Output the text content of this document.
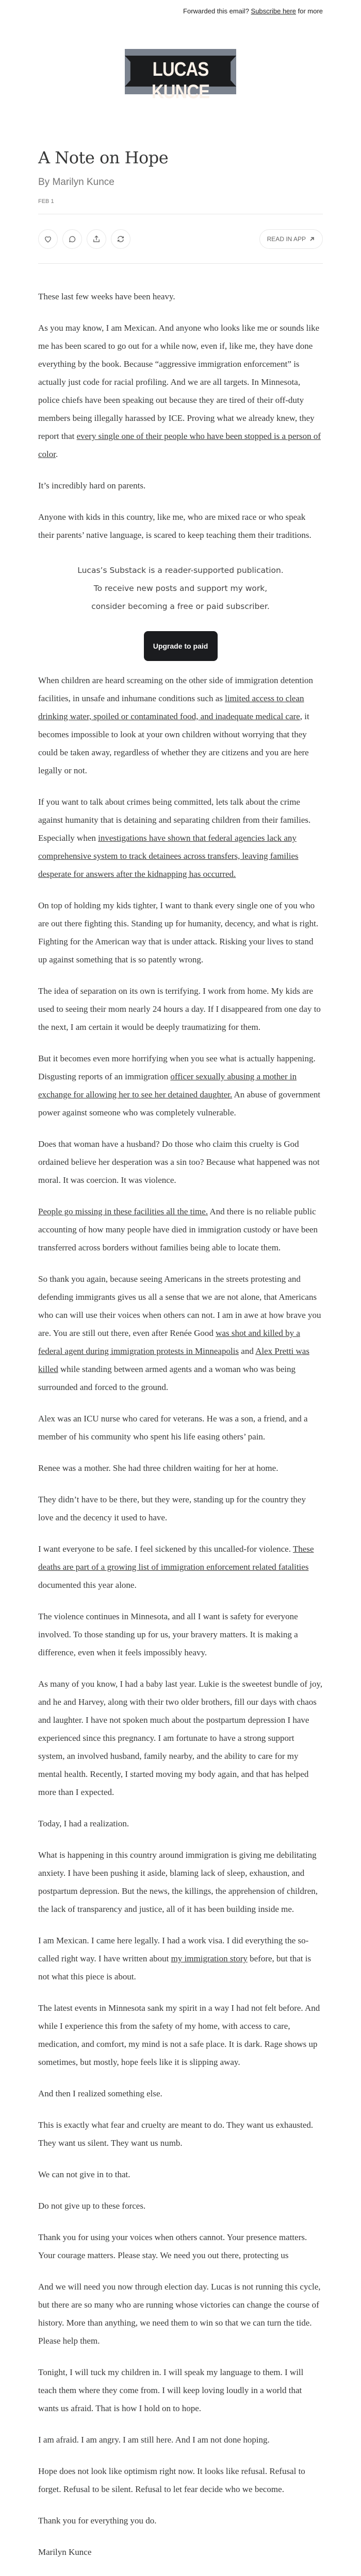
Forwarded this email? Subscribe here for more
LUCAS KUNCE
A Note on Hope
By Marilyn Kunce
FEB 1
READ IN APP

These last few weeks have been heavy.

As you may know, I am Mexican. And anyone who looks like me or sounds like me has been scared to go out for a while now, even if, like me, they have done everything by the book. Because “aggressive immigration enforcement” is actually just code for racial profiling. And we are all targets. In Minnesota, police chiefs have been speaking out because they are tired of their off-duty members being illegally harassed by ICE. Proving what we already knew, they report that every single one of their people who have been stopped is a person of color.

It’s incredibly hard on parents.

Anyone with kids in this country, like me, who are mixed race or who speak their parents’ native language, is scared to keep teaching them their traditions.

Lucas’s Substack is a reader-supported publication. To receive new posts and support my work, consider becoming a free or paid subscriber.
Upgrade to paid

When children are heard screaming on the other side of immigration detention facilities, in unsafe and inhumane conditions such as limited access to clean drinking water, spoiled or contaminated food, and inadequate medical care, it becomes impossible to look at your own children without worrying that they could be taken away, regardless of whether they are citizens and you are here legally or not.

If you want to talk about crimes being committed, lets talk about the crime against humanity that is detaining and separating children from their families. Especially when investigations have shown that federal agencies lack any comprehensive system to track detainees across transfers, leaving families desperate for answers after the kidnapping has occurred.

On top of holding my kids tighter, I want to thank every single one of you who are out there fighting this. Standing up for humanity, decency, and what is right. Fighting for the American way that is under attack. Risking your lives to stand up against something that is so patently wrong.

The idea of separation on its own is terrifying. I work from home. My kids are used to seeing their mom nearly 24 hours a day. If I disappeared from one day to the next, I am certain it would be deeply traumatizing for them.

But it becomes even more horrifying when you see what is actually happening. Disgusting reports of an immigration officer sexually abusing a mother in exchange for allowing her to see her detained daughter. An abuse of government power against someone who was completely vulnerable.

Does that woman have a husband? Do those who claim this cruelty is God ordained believe her desperation was a sin too? Because what happened was not moral. It was coercion. It was violence.

People go missing in these facilities all the time. And there is no reliable public accounting of how many people have died in immigration custody or have been transferred across borders without families being able to locate them.

So thank you again, because seeing Americans in the streets protesting and defending immigrants gives us all a sense that we are not alone, that Americans who can will use their voices when others can not. I am in awe at how brave you are. You are still out there, even after Renée Good was shot and killed by a federal agent during immigration protests in Minneapolis and Alex Pretti was killed while standing between armed agents and a woman who was being surrounded and forced to the ground.

Alex was an ICU nurse who cared for veterans. He was a son, a friend, and a member of his community who spent his life easing others’ pain.

Renee was a mother. She had three children waiting for her at home.

They didn’t have to be there, but they were, standing up for the country they love and the decency it used to have.

I want everyone to be safe. I feel sickened by this uncalled-for violence. These deaths are part of a growing list of immigration enforcement related fatalities documented this year alone.

The violence continues in Minnesota, and all I want is safety for everyone involved. To those standing up for us, your bravery matters. It is making a difference, even when it feels impossibly heavy.

As many of you know, I had a baby last year. Lukie is the sweetest bundle of joy, and he and Harvey, along with their two older brothers, fill our days with chaos and laughter. I have not spoken much about the postpartum depression I have experienced since this pregnancy. I am fortunate to have a strong support system, an involved husband, family nearby, and the ability to care for my mental health. Recently, I started moving my body again, and that has helped more than I expected.

Today, I had a realization.

What is happening in this country around immigration is giving me debilitating anxiety. I have been pushing it aside, blaming lack of sleep, exhaustion, and postpartum depression. But the news, the killings, the apprehension of children, the lack of transparency and justice, all of it has been building inside me.

I am Mexican. I came here legally. I had a work visa. I did everything the so-called right way. I have written about my immigration story before, but that is not what this piece is about.

The latest events in Minnesota sank my spirit in a way I had not felt before. And while I experience this from the safety of my home, with access to care, medication, and comfort, my mind is not a safe place. It is dark. Rage shows up sometimes, but mostly, hope feels like it is slipping away.

And then I realized something else.

This is exactly what fear and cruelty are meant to do. They want us exhausted. They want us silent. They want us numb.

We can not give in to that.

Do not give up to these forces.

Thank you for using your voices when others cannot. Your presence matters. Your courage matters. Please stay. We need you out there, protecting us

And we will need you now through election day. Lucas is not running this cycle, but there are so many who are running whose victories can change the course of history. More than anything, we need them to win so that we can turn the tide. Please help them.

Tonight, I will tuck my children in. I will speak my language to them. I will teach them where they come from. I will keep loving loudly in a world that wants us afraid. That is how I hold on to hope.

I am afraid. I am angry. I am still here. And I am not done hoping.

Hope does not look like optimism right now. It looks like refusal. Refusal to forget. Refusal to be silent. Refusal to let fear decide who we become.

Thank you for everything you do.

Marilyn Kunce
